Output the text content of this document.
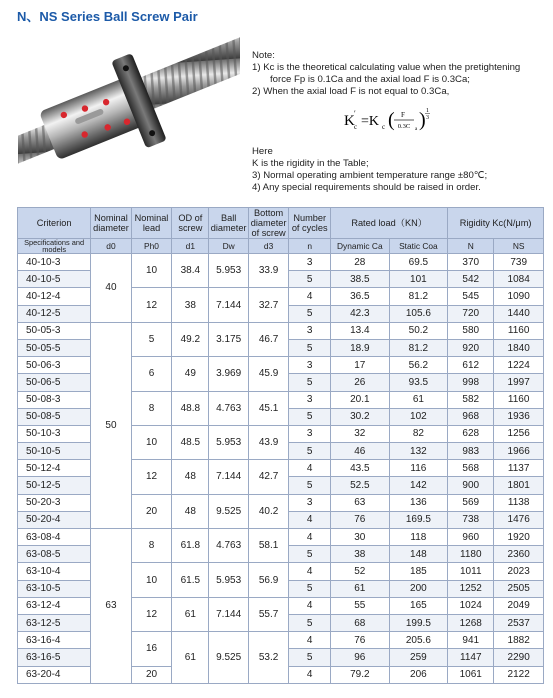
N、NS Series Ball Screw Pair
Note:
1) Kc is the theoretical calculating value when the pretightening
force Fp is 0.1Ca and the axial load F is 0.3Ca;
2) When the axial load F is not equal to 0.3Ca,
K ′
c =K c ( F
0.3C a ) 1
3
Here
K is the rigidity in the Table;
3) Normal operating ambient temperature range ±80℃;
4) Any special requirements should be raised in order.
Criterion	Nominal diameter	Nominal lead	OD of screw	Ball diameter	Bottom diameter of screw	Number of cycles	Rated load（KN）		Rigidity Kc(N/μm)	
Specifications and models	d0	Ph0	d1	Dw	d3	n	Dynamic Ca	Static Coa	N	NS
40-10-3	40	10	38.4	5.953	33.9	3	28	69.5	370	739
40-10-5						5	38.5	101	542	1084
40-12-4		12	38	7.144	32.7	4	36.5	81.2	545	1090
40-12-5						5	42.3	105.6	720	1440
50-05-3	50	5	49.2	3.175	46.7	3	13.4	50.2	580	1160
50-05-5						5	18.9	81.2	920	1840
50-06-3		6	49	3.969	45.9	3	17	56.2	612	1224
50-06-5						5	26	93.5	998	1997
50-08-3		8	48.8	4.763	45.1	3	20.1	61	582	1160
50-08-5						5	30.2	102	968	1936
50-10-3		10	48.5	5.953	43.9	3	32	82	628	1256
50-10-5						5	46	132	983	1966
50-12-4		12	48	7.144	42.7	4	43.5	116	568	1137
50-12-5						5	52.5	142	900	1801
50-20-3		20	48	9.525	40.2	3	63	136	569	1138
50-20-4						4	76	169.5	738	1476
63-08-4	63	8	61.8	4.763	58.1	4	30	118	960	1920
63-08-5						5	38	148	1180	2360
63-10-4		10	61.5	5.953	56.9	4	52	185	1011	2023
63-10-5						5	61	200	1252	2505
63-12-4		12	61	7.144	55.7	4	55	165	1024	2049
63-12-5						5	68	199.5	1268	2537
63-16-4		16	61	9.525	53.2	4	76	205.6	941	1882
63-16-5						5	96	259	1147	2290
63-20-4		20				4	79.2	206	1061	2122
